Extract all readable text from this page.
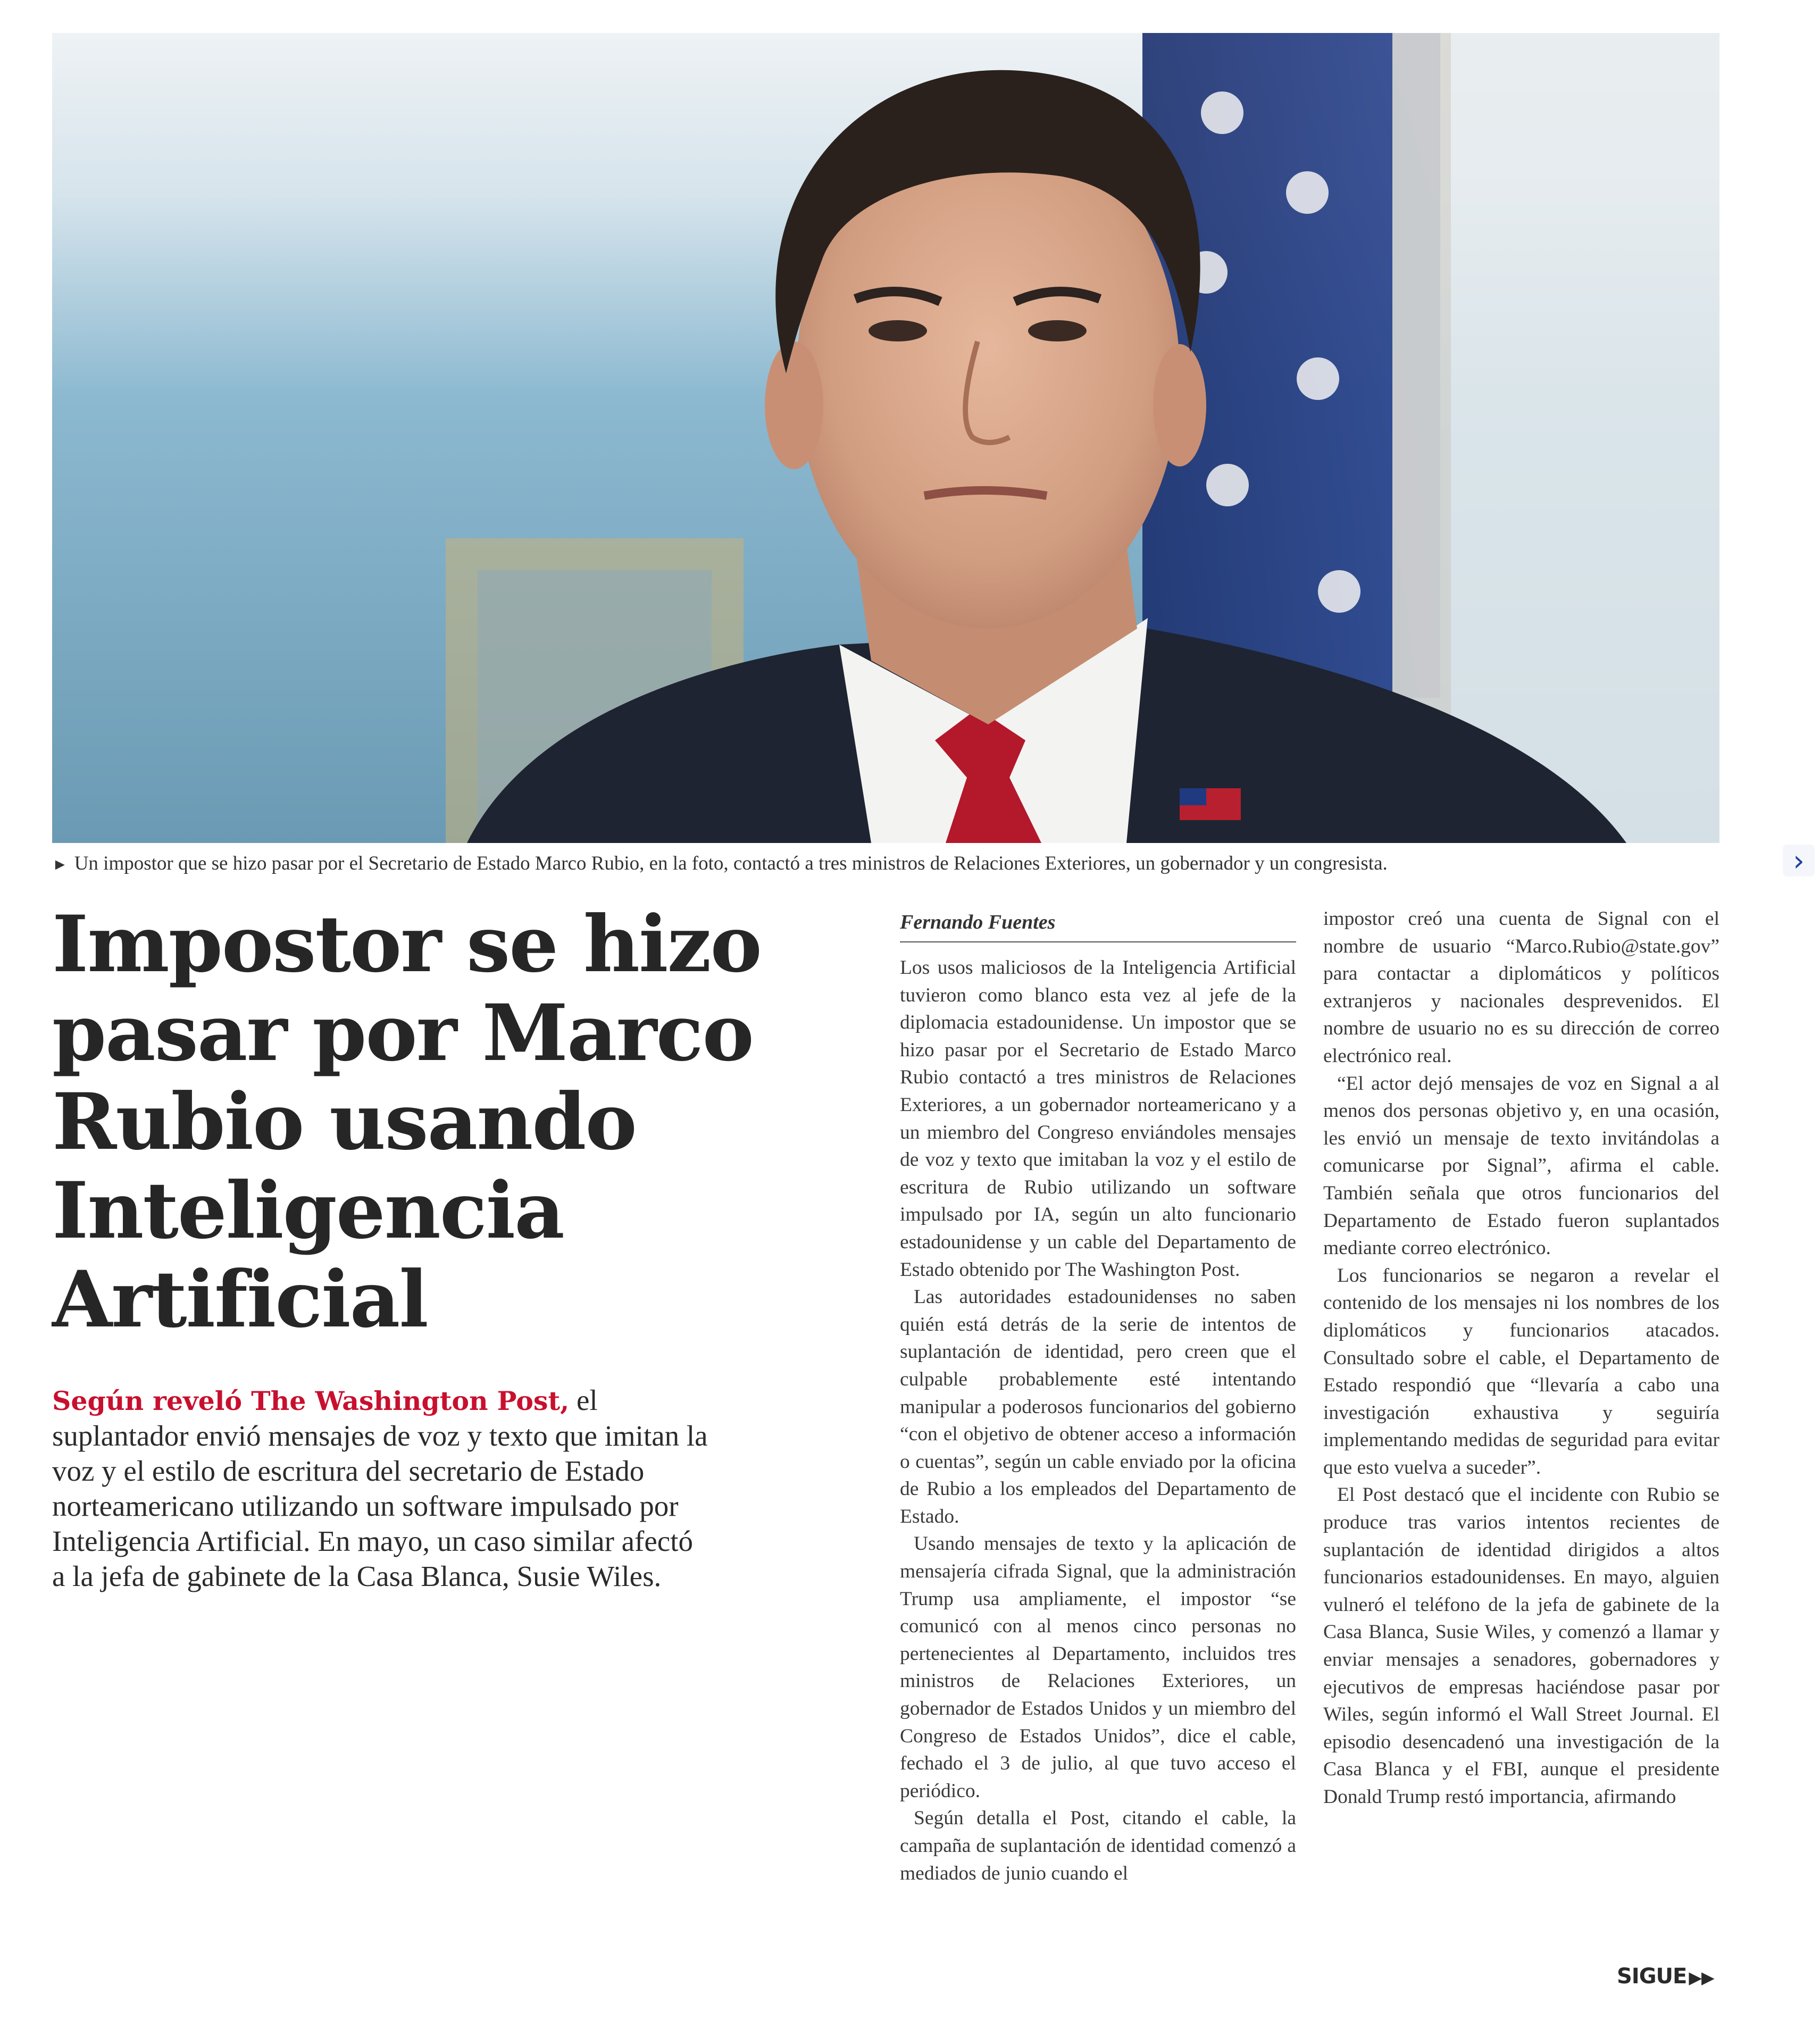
► Un impostor que se hizo pasar por el Secretario de Estado Marco Rubio, en la foto, contactó a tres ministros de Relaciones Exteriores, un gobernador y un congresista.	›
Impostor se hizo pasar por Marco Rubio usando Inteligencia Artificial

Según reveló The Washington Post, el suplantador envió mensajes de voz y texto que imitan la voz y el estilo de escritura del secretario de Estado norteamericano utilizando un software impulsado por Inteligencia Artificial. En mayo, un caso similar afectó a la jefa de gabinete de la Casa Blanca, Susie Wiles.

Fernando Fuentes

Los usos maliciosos de la Inteligencia Artificial tuvieron como blanco esta vez al jefe de la diplomacia estadounidense. Un impostor que se hizo pasar por el Secretario de Estado Marco Rubio contactó a tres ministros de Relaciones Exteriores, a un gobernador norteamericano y a un miembro del Congreso enviándoles mensajes de voz y texto que imitaban la voz y el estilo de escritura de Rubio utilizando un software impulsado por IA, según un alto funcionario estadounidense y un cable del Departamento de Estado obtenido por The Washington Post.

Las autoridades estadounidenses no saben quién está detrás de la serie de intentos de suplantación de identidad, pero creen que el culpable probablemente esté intentando manipular a poderosos funcionarios del gobierno “con el objetivo de obtener acceso a información o cuentas”, según un cable enviado por la oficina de Rubio a los empleados del Departamento de Estado.

Usando mensajes de texto y la aplicación de mensajería cifrada Signal, que la administración Trump usa ampliamente, el impostor “se comunicó con al menos cinco personas no pertenecientes al Departamento, incluidos tres ministros de Relaciones Exteriores, un gobernador de Estados Unidos y un miembro del Congreso de Estados Unidos”, dice el cable, fechado el 3 de julio, al que tuvo acceso el periódico.

Según detalla el Post, citando el cable, la campaña de suplantación de identidad comenzó a mediados de junio cuando el

impostor creó una cuenta de Signal con el nombre de usuario “Marco.Rubio@state.gov” para contactar a diplomáticos y políticos extranjeros y nacionales desprevenidos. El nombre de usuario no es su dirección de correo electrónico real.

“El actor dejó mensajes de voz en Signal a al menos dos personas objetivo y, en una ocasión, les envió un mensaje de texto invitándolas a comunicarse por Signal”, afirma el cable. También señala que otros funcionarios del Departamento de Estado fueron suplantados mediante correo electrónico.

Los funcionarios se negaron a revelar el contenido de los mensajes ni los nombres de los diplomáticos y funcionarios atacados. Consultado sobre el cable, el Departamento de Estado respondió que “llevaría a cabo una investigación exhaustiva y seguiría implementando medidas de seguridad para evitar que esto vuelva a suceder”.

El Post destacó que el incidente con Rubio se produce tras varios intentos recientes de suplantación de identidad dirigidos a altos funcionarios estadounidenses. En mayo, alguien vulneró el teléfono de la jefa de gabinete de la Casa Blanca, Susie Wiles, y comenzó a llamar y enviar mensajes a senadores, gobernadores y ejecutivos de empresas haciéndose pasar por Wiles, según informó el Wall Street Journal. El episodio desencadenó una investigación de la Casa Blanca y el FBI, aunque el presidente Donald Trump restó importancia, afirmando

SIGUE ▶▶
